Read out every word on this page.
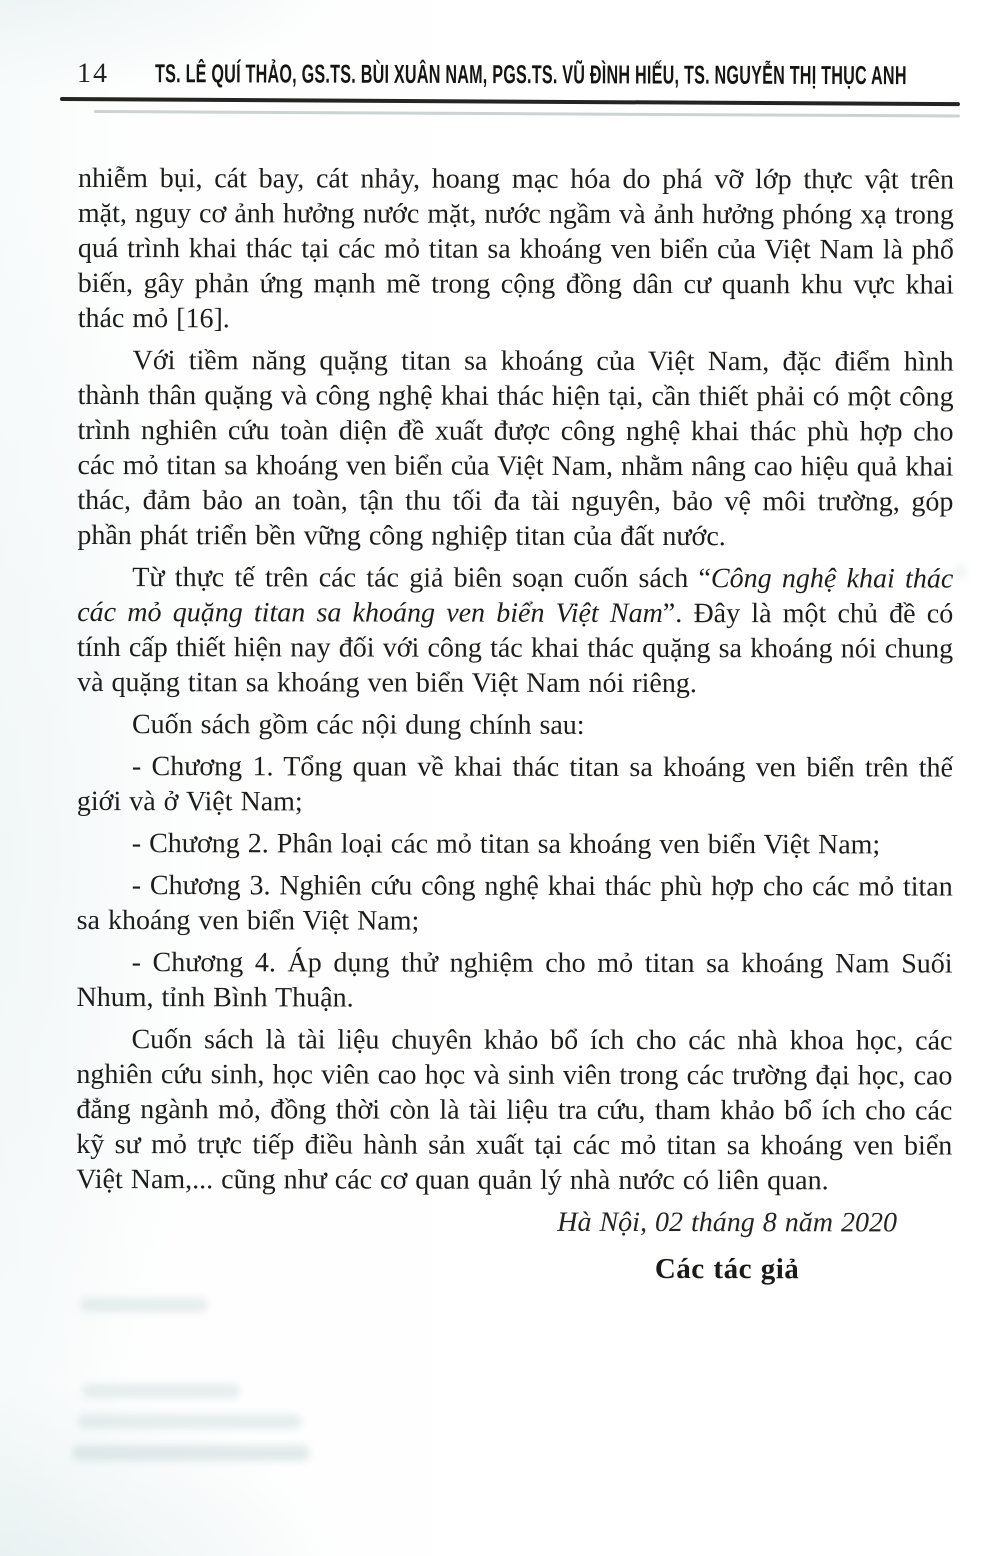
14 TS. LÊ QUÍ THẢO, GS.TS. BÙI XUÂN NAM, PGS.TS. VŨ ĐÌNH HIẾU, TS. NGUYỄN THỊ THỤC ANH

nhiễm bụi, cát bay, cát nhảy, hoang mạc hóa do phá vỡ lớp thực vật trên mặt, nguy cơ ảnh hưởng nước mặt, nước ngầm và ảnh hưởng phóng xạ trong quá trình khai thác tại các mỏ titan sa khoáng ven biển của Việt Nam là phổ biến, gây phản ứng mạnh mẽ trong cộng đồng dân cư quanh khu vực khai thác mỏ [16].

Với tiềm năng quặng titan sa khoáng của Việt Nam, đặc điểm hình thành thân quặng và công nghệ khai thác hiện tại, cần thiết phải có một công trình nghiên cứu toàn diện đề xuất được công nghệ khai thác phù hợp cho các mỏ titan sa khoáng ven biển của Việt Nam, nhằm nâng cao hiệu quả khai thác, đảm bảo an toàn, tận thu tối đa tài nguyên, bảo vệ môi trường, góp phần phát triển bền vững công nghiệp titan của đất nước.

Từ thực tế trên các tác giả biên soạn cuốn sách “Công nghệ khai thác các mỏ quặng titan sa khoáng ven biển Việt Nam”. Đây là một chủ đề có tính cấp thiết hiện nay đối với công tác khai thác quặng sa khoáng nói chung và quặng titan sa khoáng ven biển Việt Nam nói riêng.

Cuốn sách gồm các nội dung chính sau:

- Chương 1. Tổng quan về khai thác titan sa khoáng ven biển trên thế giới và ở Việt Nam;

- Chương 2. Phân loại các mỏ titan sa khoáng ven biển Việt Nam;

- Chương 3. Nghiên cứu công nghệ khai thác phù hợp cho các mỏ titan sa khoáng ven biển Việt Nam;

- Chương 4. Áp dụng thử nghiệm cho mỏ titan sa khoáng Nam Suối Nhum, tỉnh Bình Thuận.

Cuốn sách là tài liệu chuyên khảo bổ ích cho các nhà khoa học, các nghiên cứu sinh, học viên cao học và sinh viên trong các trường đại học, cao đẳng ngành mỏ, đồng thời còn là tài liệu tra cứu, tham khảo bổ ích cho các kỹ sư mỏ trực tiếp điều hành sản xuất tại các mỏ titan sa khoáng ven biển Việt Nam,... cũng như các cơ quan quản lý nhà nước có liên quan.

Hà Nội, 02 tháng 8 năm 2020
Các tác giả
